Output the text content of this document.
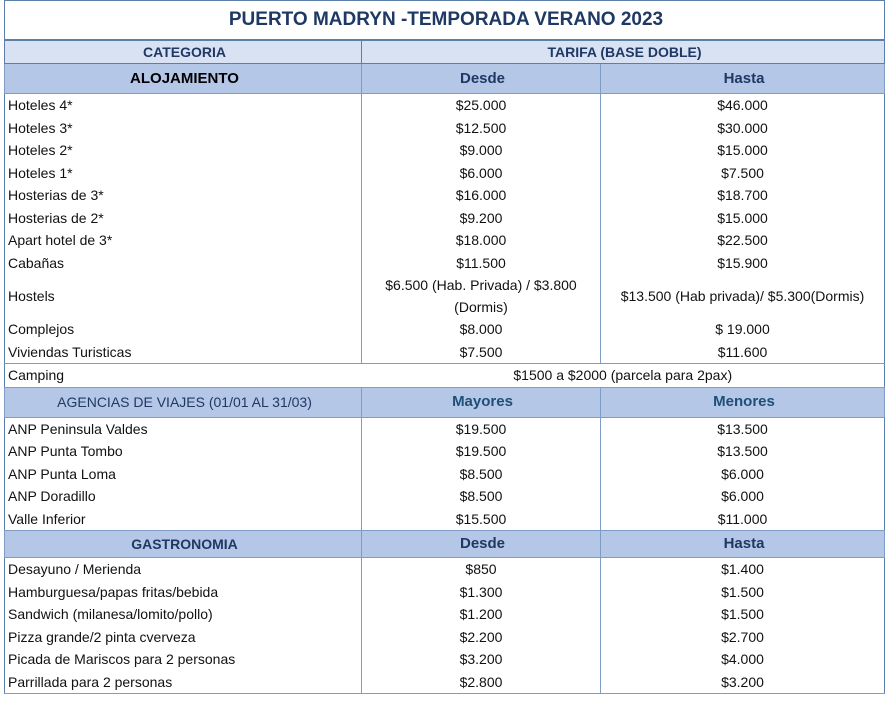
PUERTO MADRYN -TEMPORADA VERANO 2023		
CATEGORIA	TARIFA (BASE DOBLE)	
ALOJAMIENTO	Desde	Hasta
Hoteles 4*	$25.000	$46.000
Hoteles 3*	$12.500	$30.000
Hoteles 2*	$9.000	$15.000
Hoteles 1*	$6.000	$7.500
Hosterias de 3*	$16.000	$18.700
Hosterias de 2*	$9.200	$15.000
Apart hotel de 3*	$18.000	$22.500
Cabañas	$11.500	$15.900
Hostels	$6.500 (Hab. Privada) / $3.800 (Dormis)	$13.500 (Hab privada)/ $5.300(Dormis)
Complejos	$8.000	$ 19.000
Viviendas Turisticas	$7.500	$11.600
Camping	$1500 a $2000 (parcela para 2pax)	
AGENCIAS DE VIAJES (01/01 AL 31/03)	Mayores	Menores
ANP Peninsula Valdes	$19.500	$13.500
ANP Punta Tombo	$19.500	$13.500
ANP Punta Loma	$8.500	$6.000
ANP Doradillo	$8.500	$6.000
Valle Inferior	$15.500	$11.000
GASTRONOMIA	Desde	Hasta
Desayuno / Merienda	$850	$1.400
Hamburguesa/papas fritas/bebida	$1.300	$1.500
Sandwich (milanesa/lomito/pollo)	$1.200	$1.500
Pizza grande/2 pinta cverveza	$2.200	$2.700
Picada de Mariscos para 2 personas	$3.200	$4.000
Parrillada para 2 personas	$2.800	$3.200
